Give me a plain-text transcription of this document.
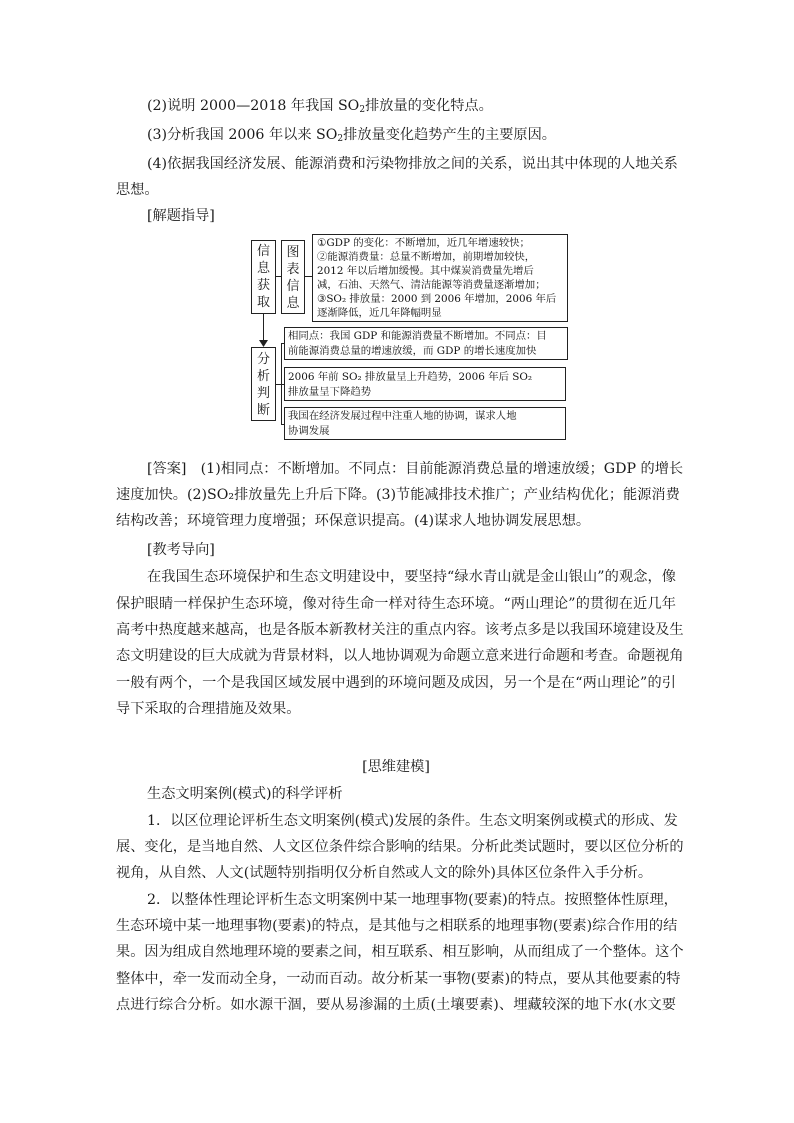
(2)说明 2000—2018 年我国 $SO_2$排放量的变化特点。
(3)分析我国 2006 年以来 $SO_2$排放量变化趋势产生的主要原因。
(4)依据我国经济发展、能源消费和污染物排放之间的关系，说出其中体现的人地关系
思想。
[解题指导]
信
息
获
取
图
表
信
息
①GDP 的变化：不断增加，近几年增速较快；
②能源消费量：总量不断增加，前期增加较快，
2012 年以后增加缓慢。其中煤炭消费量先增后
减，石油、天然气、清洁能源等消费量逐渐增加；
③SO₂ 排放量：2000 到 2006 年增加，2006 年后
逐渐降低，近几年降幅明显
分
析
判
断
相同点：我国 GDP 和能源消费量不断增加。不同点：目
前能源消费总量的增速放缓，而 GDP 的增长速度加快
2006 年前 SO₂ 排放量呈上升趋势，2006 年后 SO₂
排放量呈下降趋势
我国在经济发展过程中注重人地的协调，谋求人地
协调发展
[答案]　(1)相同点：不断增加。不同点：目前能源消费总量的增速放缓；GDP 的增长
速度加快。(2)SO₂排放量先上升后下降。(3)节能减排技术推广；产业结构优化；能源消费
结构改善；环境管理力度增强；环保意识提高。(4)谋求人地协调发展思想。
[教考导向]
在我国生态环境保护和生态文明建设中，要坚持“绿水青山就是金山银山”的观念，像
保护眼睛一样保护生态环境，像对待生命一样对待生态环境。“两山理论”的贯彻在近几年
高考中热度越来越高，也是各版本新教材关注的重点内容。该考点多是以我国环境建设及生
态文明建设的巨大成就为背景材料，以人地协调观为命题立意来进行命题和考查。命题视角
一般有两个，一个是我国区域发展中遇到的环境问题及成因，另一个是在“两山理论”的引
导下采取的合理措施及效果。
[思维建模]
生态文明案例(模式)的科学评析
1．以区位理论评析生态文明案例(模式)发展的条件。生态文明案例或模式的形成、发
展、变化，是当地自然、人文区位条件综合影响的结果。分析此类试题时，要以区位分析的
视角，从自然、人文(试题特别指明仅分析自然或人文的除外)具体区位条件入手分析。
2．以整体性理论评析生态文明案例中某一地理事物(要素)的特点。按照整体性原理，
生态环境中某一地理事物(要素)的特点，是其他与之相联系的地理事物(要素)综合作用的结
果。因为组成自然地理环境的要素之间，相互联系、相互影响，从而组成了一个整体。这个
整体中，牵一发而动全身，一动而百动。故分析某一事物(要素)的特点，要从其他要素的特
点进行综合分析。如水源干涸，要从易渗漏的土质(土壤要素)、埋藏较深的地下水(水文要
